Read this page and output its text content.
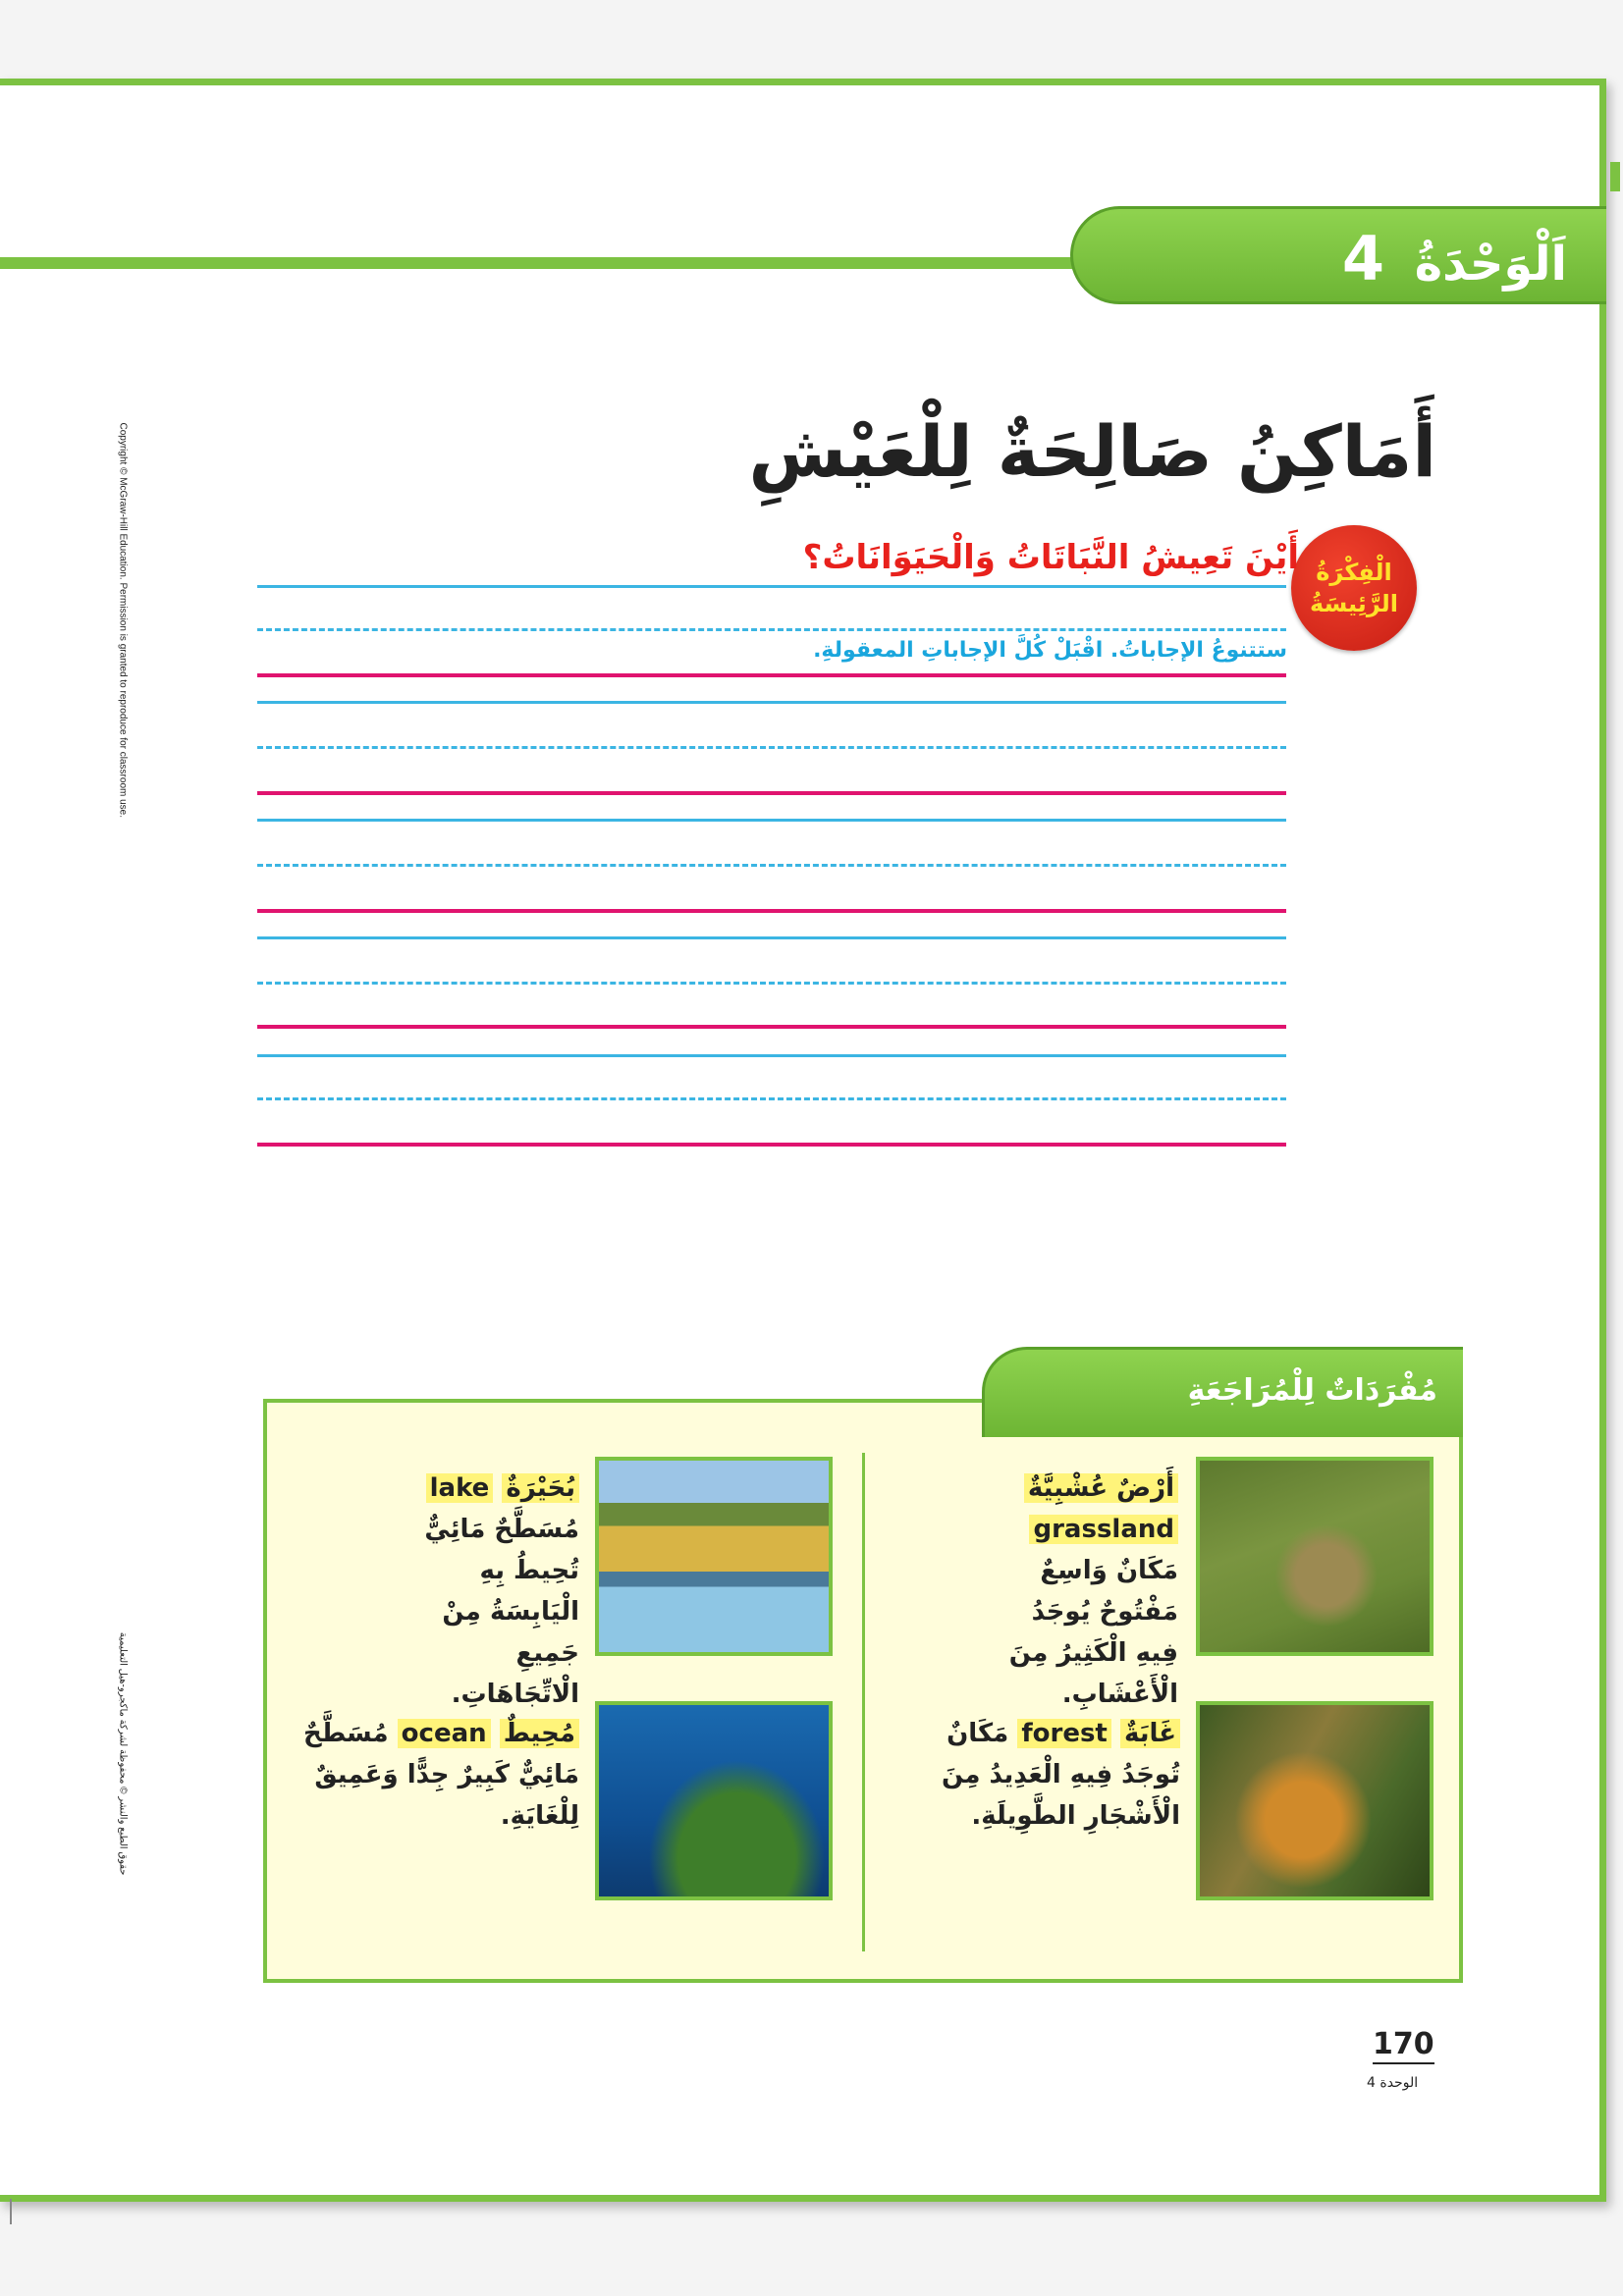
اَلْوَحْدَةُ 4
أَمَاكِنُ صَالِحَةٌ لِلْعَيْشِ
الْفِكْرَةُ
الرَّئِيسَةُ
أَيْنَ تَعِيشُ النَّبَاتَاتُ وَالْحَيَوَانَاتُ؟
ستتنوعُ الإجاباتُ. اقْبَلْ كُلَّ الإجاباتِ المعقولةِ.
Copyright © McGraw-Hill Education. Permission is granted to reproduce for classroom use.
حقوق الطبع والنشر © محفوظة لشركة ماكجرو-هيل التعليمية
مُفْرَدَاتٌ لِلْمُرَاجَعَةِ
أَرْضٌ عُشْبِيَّةٌ grassland مَكَانٌ وَاسِعٌ مَفْتُوحٌ يُوجَدُ فِيهِ الْكَثِيرُ مِنَ الْأَعْشَابِ.
بُحَيْرَةٌ lake مُسَطَّحٌ مَائِيٌّ تُحِيطُ بِهِ الْيَابِسَةُ مِنْ جَمِيعِ الْاتِّجَاهَاتِ.
غَابَةٌ forest مَكَانٌ تُوجَدُ فِيهِ الْعَدِيدُ مِنَ الْأَشْجَارِ الطَّوِيلَةِ.
مُحِيطٌ ocean مُسَطَّحٌ مَائِيٌّ كَبِيرٌ جِدًّا وَعَمِيقٌ لِلْغَايَةِ.
170
الوحدة 4
